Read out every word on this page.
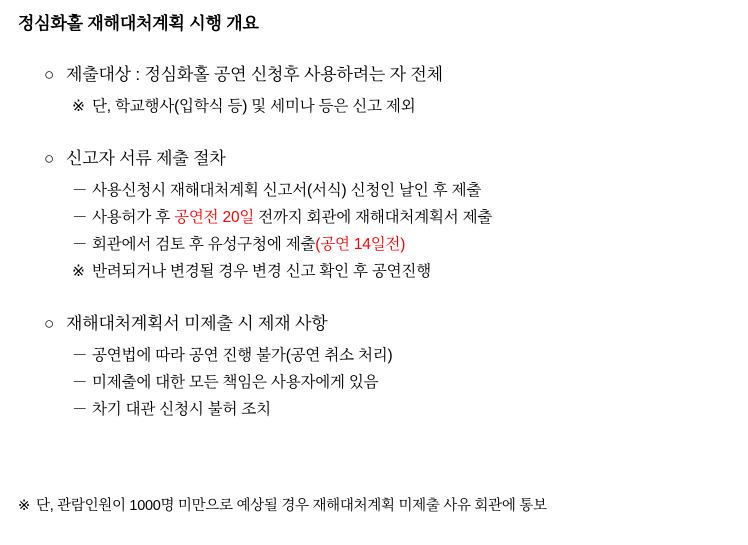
정심화홀 재해대처계획 시행 개요
○ 제출대상 : 정심화홀 공연 신청후 사용하려는 자 전체
※ 단, 학교행사(입학식 등) 및 세미나 등은 신고 제외
○ 신고자 서류 제출 절차
－ 사용신청시 재해대처계획 신고서(서식) 신청인 날인 후 제출
－ 사용허가 후 공연전 20일 전까지 회관에 재해대처계획서 제출
－ 회관에서 검토 후 유성구청에 제출(공연 14일전)
※ 반려되거나 변경될 경우 변경 신고 확인 후 공연진행
○ 재해대처계획서 미제출 시 제재 사항
－ 공연법에 따라 공연 진행 불가(공연 취소 처리)
－ 미제출에 대한 모든 책임은 사용자에게 있음
－ 차기 대관 신청시 불허 조치
※ 단, 관람인원이 1000명 미만으로 예상될 경우 재해대처계획 미제출 사유 회관에 통보
